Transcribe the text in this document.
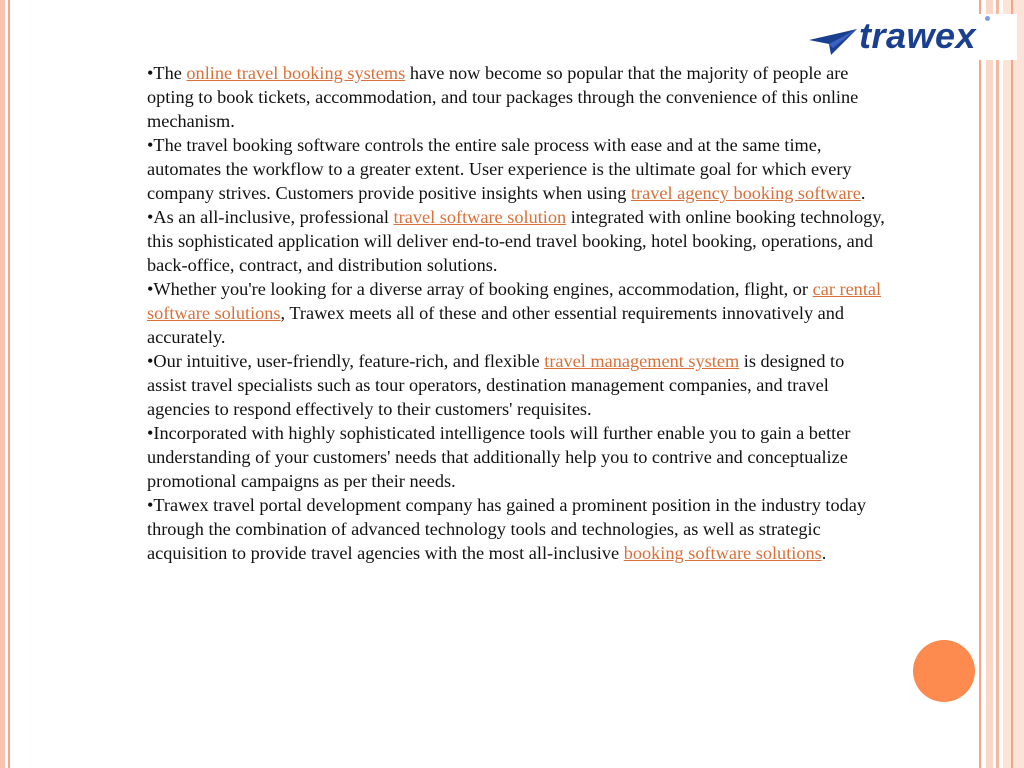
trawex

•The online travel booking systems have now become so popular that the majority of people are opting to book tickets, accommodation, and tour packages through the convenience of this online mechanism.

•The travel booking software controls the entire sale process with ease and at the same time, automates the workflow to a greater extent. User experience is the ultimate goal for which every company strives. Customers provide positive insights when using travel agency booking software.

•As an all-inclusive, professional travel software solution integrated with online booking technology, this sophisticated application will deliver end-to-end travel booking, hotel booking, operations, and back-office, contract, and distribution solutions.

•Whether you're looking for a diverse array of booking engines, accommodation, flight, or car rental software solutions, Trawex meets all of these and other essential requirements innovatively and accurately.

•Our intuitive, user-friendly, feature-rich, and flexible travel management system is designed to assist travel specialists such as tour operators, destination management companies, and travel agencies to respond effectively to their customers' requisites.

•Incorporated with highly sophisticated intelligence tools will further enable you to gain a better understanding of your customers' needs that additionally help you to contrive and conceptualize promotional campaigns as per their needs.

•Trawex travel portal development company has gained a prominent position in the industry today through the combination of advanced technology tools and technologies, as well as strategic acquisition to provide travel agencies with the most all-inclusive booking software solutions.
